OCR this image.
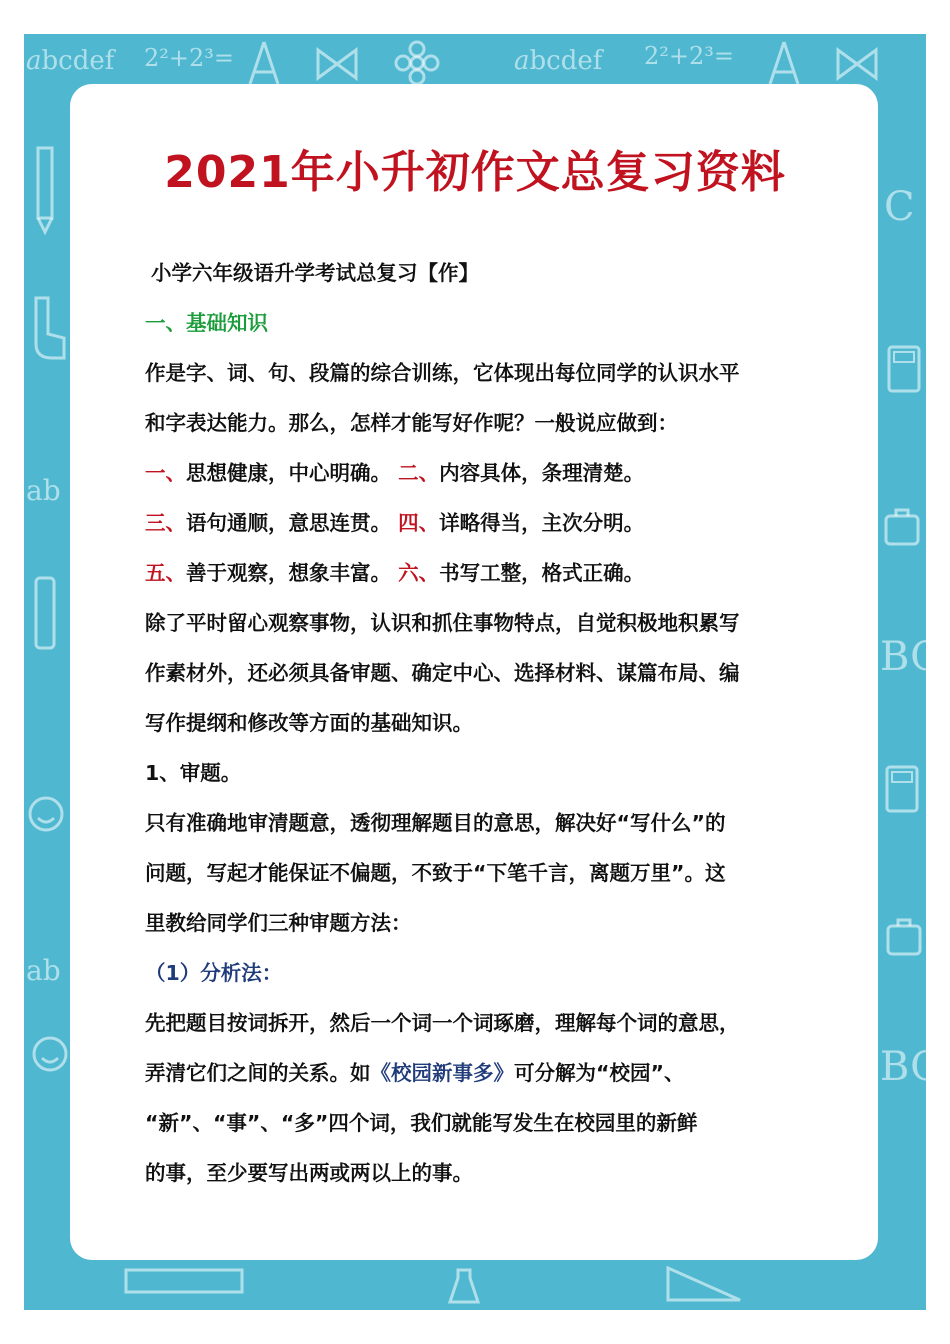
𝑎bcdef 2²+2³=	𝑎bcdef 2²+2³=
ab
ab
C
BC
BC
2021年小升初作文总复习资料

小学六年级语升学考试总复习【作】

一、基础知识

作是字、词、句、段篇的综合训练，它体现出每位同学的认识水平

和字表达能力。那么，怎样才能写好作呢？一般说应做到：

一、思想健康，中心明确。 二、内容具体，条理清楚。

三、语句通顺，意思连贯。 四、详略得当，主次分明。

五、善于观察，想象丰富。 六、书写工整，格式正确。

除了平时留心观察事物，认识和抓住事物特点，自觉积极地积累写

作素材外，还必须具备审题、确定中心、选择材料、谋篇布局、编

写作提纲和修改等方面的基础知识。

1、审题。

只有准确地审清题意，透彻理解题目的意思，解决好“写什么”的

问题，写起才能保证不偏题，不致于“下笔千言，离题万里”。这

里教给同学们三种审题方法：

（1）分析法：

先把题目按词拆开，然后一个词一个词琢磨，理解每个词的意思，

弄清它们之间的关系。如《校园新事多》可分解为“校园”、

“新”、“事”、“多”四个词，我们就能写发生在校园里的新鲜

的事，至少要写出两或两以上的事。
